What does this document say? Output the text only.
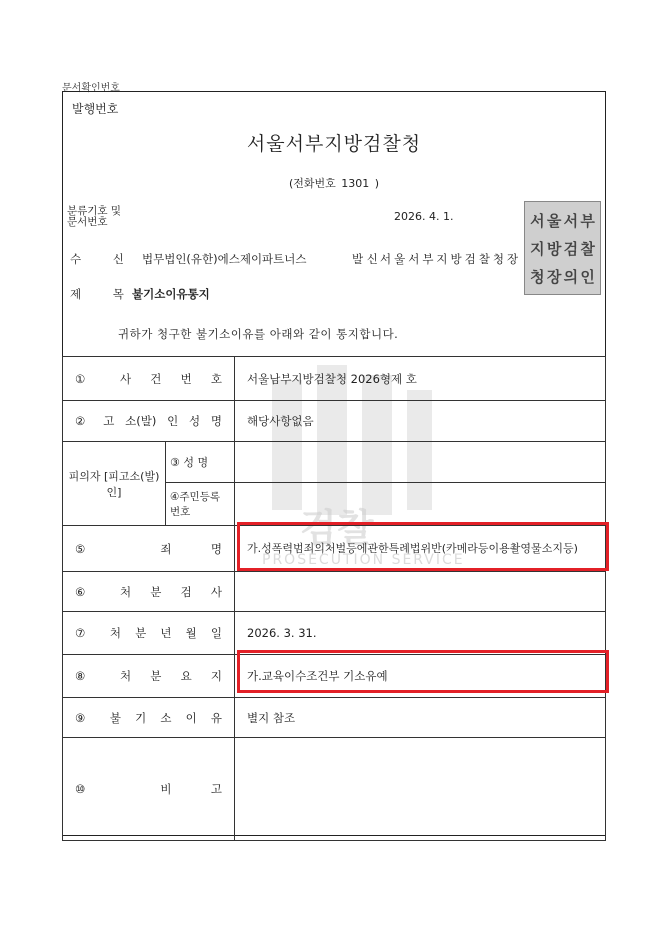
문서확인번호
발행번호
서울서부지방검찰청
(전화번호 1301 )
분류기호 및 문서번호	2026. 4. 1.
수 신 법무법인(유한)에스제이파트너스	발 신 서울서부지방검찰청장
제 목
불기소이유통지
귀하가 청구한 불기소이유를 아래와 같이 통지합니다.
서 울 서 부
지 방 검 찰
청 장 의 인
검찰
PROSECUTION SERVICE
① 사 건 번 호		서울남부지방검찰청 2026형제 호
② 고 소(발) 인 성 명		해당사항없음
피의자 [피고소(발)인]	③ 성 명	
	④주민등록번호	
⑤ 죄 명		가.성폭력범죄의처벌등에관한특례법위반(카메라등이용촬영물소지등)
⑥ 처 분 검 사		
⑦ 처 분 년 월 일		2026. 3. 31.
⑧ 처 분 요 지		가.교육이수조건부 기소유예
⑨ 불 기 소 이 유		별지 참조
⑩ 비 고		
